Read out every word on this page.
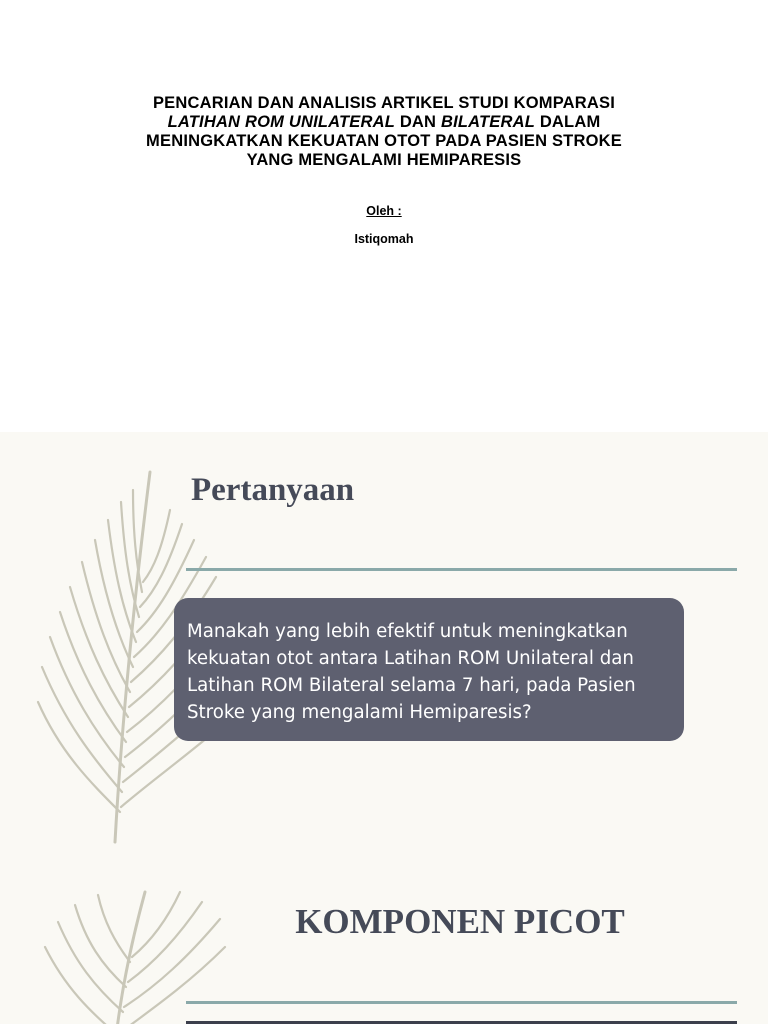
PENCARIAN DAN ANALISIS ARTIKEL STUDI KOMPARASI
LATIHAN ROM UNILATERAL DAN BILATERAL DALAM
MENINGKATKAN KEKUATAN OTOT PADA PASIEN STROKE
YANG MENGALAMI HEMIPARESIS
Oleh :
Istiqomah
Pertanyaan
Manakah yang lebih efektif untuk meningkatkan kekuatan otot antara Latihan ROM Unilateral dan Latihan ROM Bilateral selama 7 hari, pada Pasien Stroke yang mengalami Hemiparesis?
KOMPONEN PICOT
